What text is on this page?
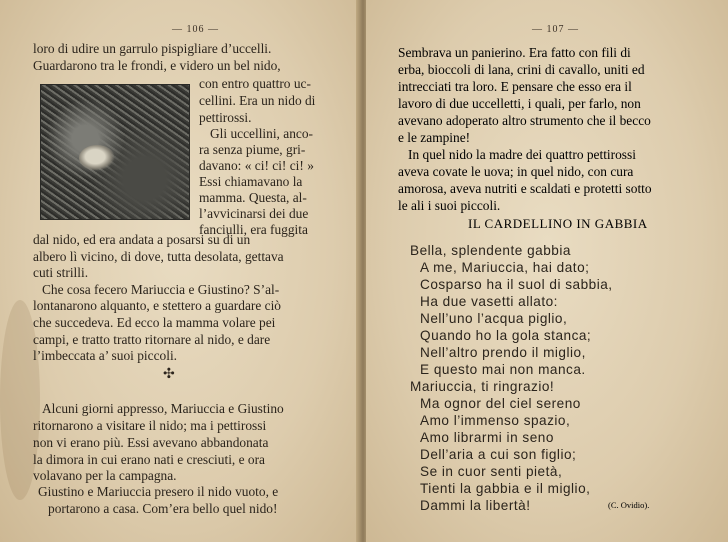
— 106 —
loro di udire un garrulo pispigliare d’uccelli.
Guardarono tra le frondi, e videro un bel nido,
con entro quattro uc-
cellini. Era un nido di
pettirossi.
Gli uccellini, anco-
ra senza piume, gri-
davano: « ci! ci! ci! »
Essi chiamavano la
mamma. Questa, al-
l’avvicinarsi dei due
fanciulli, era fuggita
dal nido, ed era andata a posarsi su di un
albero lì vicino, di dove, tutta desolata, gettava
cuti strilli.
Che cosa fecero Mariuccia e Giustino? S’al-
lontanarono alquanto, e stettero a guardare ciò
che succedeva. Ed ecco la mamma volare pei
campi, e tratto tratto ritornare al nido, e dare
l’imbeccata a’ suoi piccoli.
✣
Alcuni giorni appresso, Mariuccia e Giustino
ritornarono a visitare il nido; ma i pettirossi
non vi erano più. Essi avevano abbandonata
la dimora in cui erano nati e cresciuti, e ora
volavano per la campagna.
Giustino e Mariuccia presero il nido vuoto, e
portarono a casa. Com’era bello quel nido!
— 107 —
Sembrava un panierino. Era fatto con fili di
erba, bioccoli di lana, crini di cavallo, uniti ed
intrecciati tra loro. E pensare che esso era il
lavoro di due uccelletti, i quali, per farlo, non
avevano adoperato altro strumento che il becco
e le zampine!
In quel nido la madre dei quattro pettirossi
aveva covate le uova; in quel nido, con cura
amorosa, aveva nutriti e scaldati e protetti sotto
le ali i suoi piccoli.
IL CARDELLINO IN GABBIA
Bella, splendente gabbia
A me, Mariuccia, hai dato;
Cosparso ha il suol di sabbia,
Ha due vasetti allato:
Nell’uno l’acqua piglio,
Quando ho la gola stanca;
Nell’altro prendo il miglio,
E questo mai non manca.
Mariuccia, ti ringrazio!
Ma ognor del ciel sereno
Amo l’immenso spazio,
Amo librarmi in seno
Dell’aria a cui son figlio;
Se in cuor senti pietà,
Tienti la gabbia e il miglio,
Dammi la libertà!	(C. Ovidio).
